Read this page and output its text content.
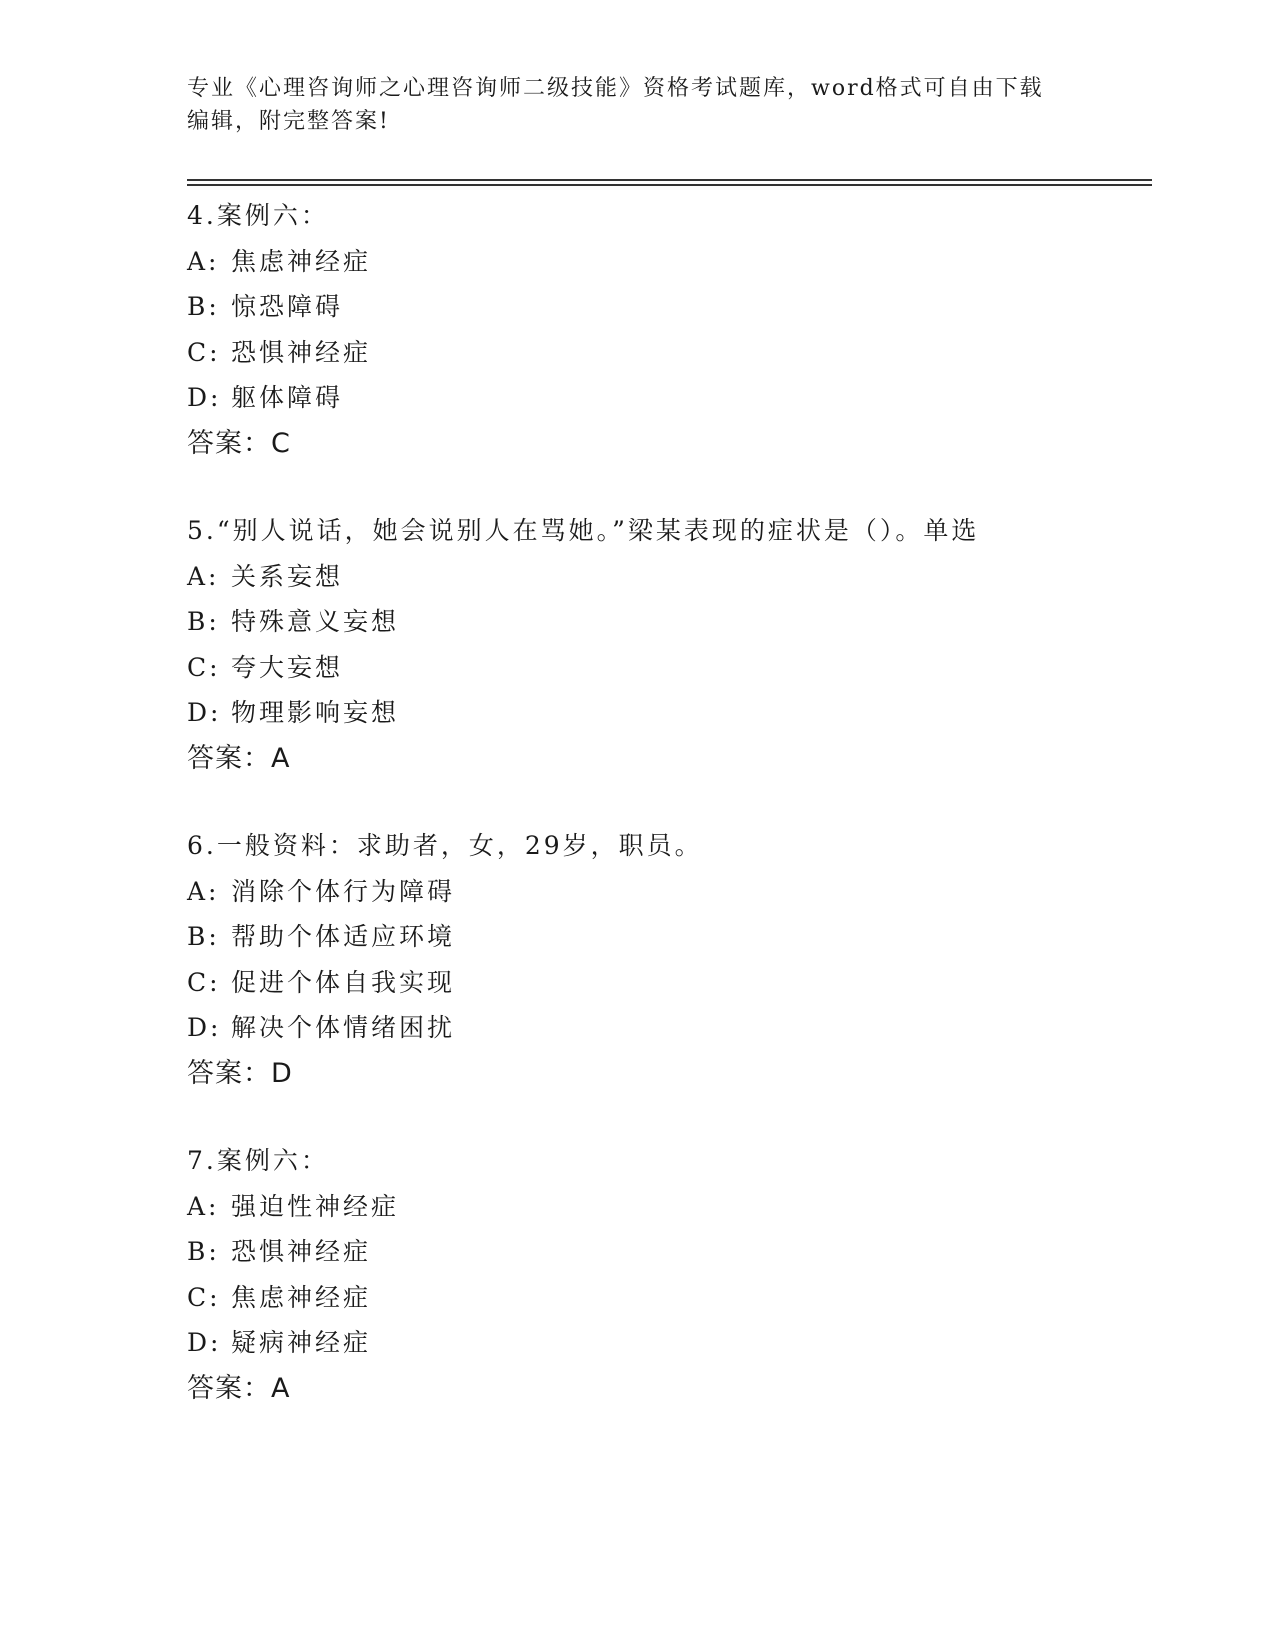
专业《心理咨询师之心理咨询师二级技能》资格考试题库，word格式可自由下载
编辑，附完整答案!
4.案例六：
A: 焦虑神经症
B: 惊恐障碍
C: 恐惧神经症
D: 躯体障碍
答案：C
5.“别人说话，她会说别人在骂她。”梁某表现的症状是（）。单选
A: 关系妄想
B: 特殊意义妄想
C: 夸大妄想
D: 物理影响妄想
答案：A
6.一般资料：求助者，女，29岁，职员。
A: 消除个体行为障碍
B: 帮助个体适应环境
C: 促进个体自我实现
D: 解决个体情绪困扰
答案：D
7.案例六：
A: 强迫性神经症
B: 恐惧神经症
C: 焦虑神经症
D: 疑病神经症
答案：A
